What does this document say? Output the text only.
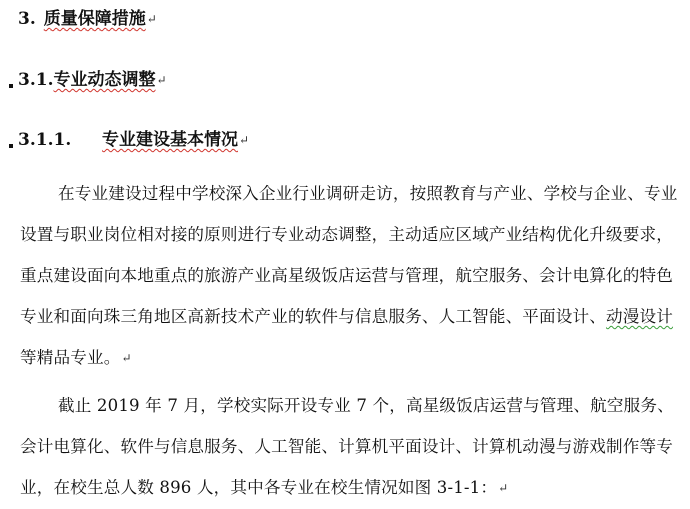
3. 质量保障措施↵
3.1.专业动态调整↵
3.1.1. 专业建设基本情况↵
在专业建设过程中学校深入企业行业调研走访，按照教育与产业、学校与企业、专业设置与职业岗位相对接的原则进行专业动态调整，主动适应区域产业结构优化升级要求，重点建设面向本地重点的旅游产业高星级饭店运营与管理，航空服务、会计电算化的特色专业和面向珠三角地区高新技术产业的软件与信息服务、人工智能、平面设计、动漫设计等精品专业。↵
截止 2019 年 7 月，学校实际开设专业 7 个，高星级饭店运营与管理、航空服务、会计电算化、软件与信息服务、人工智能、计算机平面设计、计算机动漫与游戏制作等专业，在校生总人数 896 人，其中各专业在校生情况如图 3-1-1：↵
